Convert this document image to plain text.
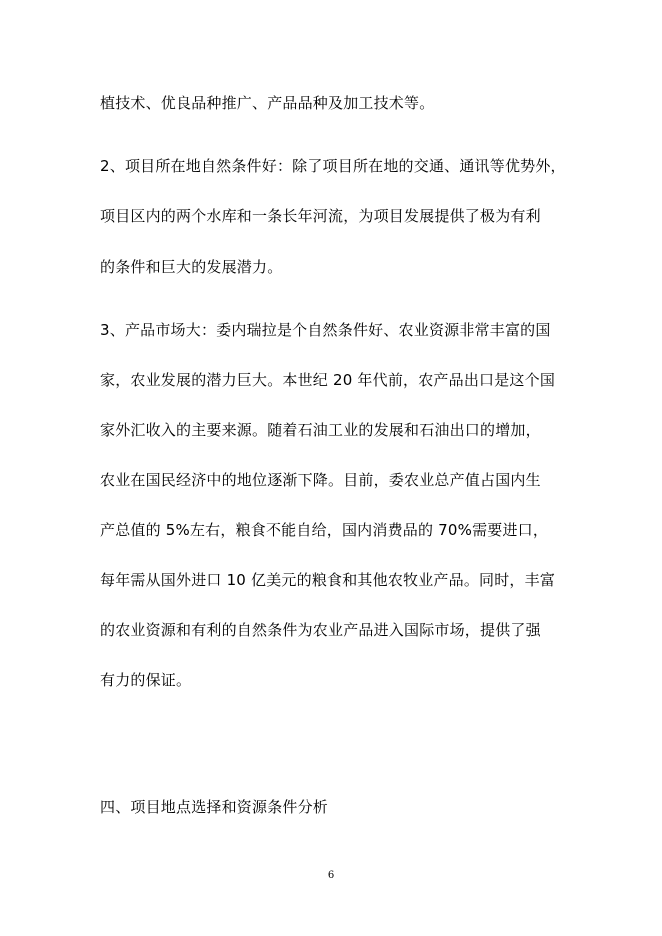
植技术、优良品种推广、产品品种及加工技术等。
2、项目所在地自然条件好：除了项目所在地的交通、通讯等优势外，
项目区内的两个水库和一条长年河流，为项目发展提供了极为有利
的条件和巨大的发展潜力。
3、产品市场大：委内瑞拉是个自然条件好、农业资源非常丰富的国
家，农业发展的潜力巨大。本世纪 20 年代前，农产品出口是这个国
家外汇收入的主要来源。随着石油工业的发展和石油出口的增加，
农业在国民经济中的地位逐渐下降。目前，委农业总产值占国内生
产总值的 5%左右，粮食不能自给，国内消费品的 70%需要进口，
每年需从国外进口 10 亿美元的粮食和其他农牧业产品。同时，丰富
的农业资源和有利的自然条件为农业产品进入国际市场，提供了强
有力的保证。
四、项目地点选择和资源条件分析
6
